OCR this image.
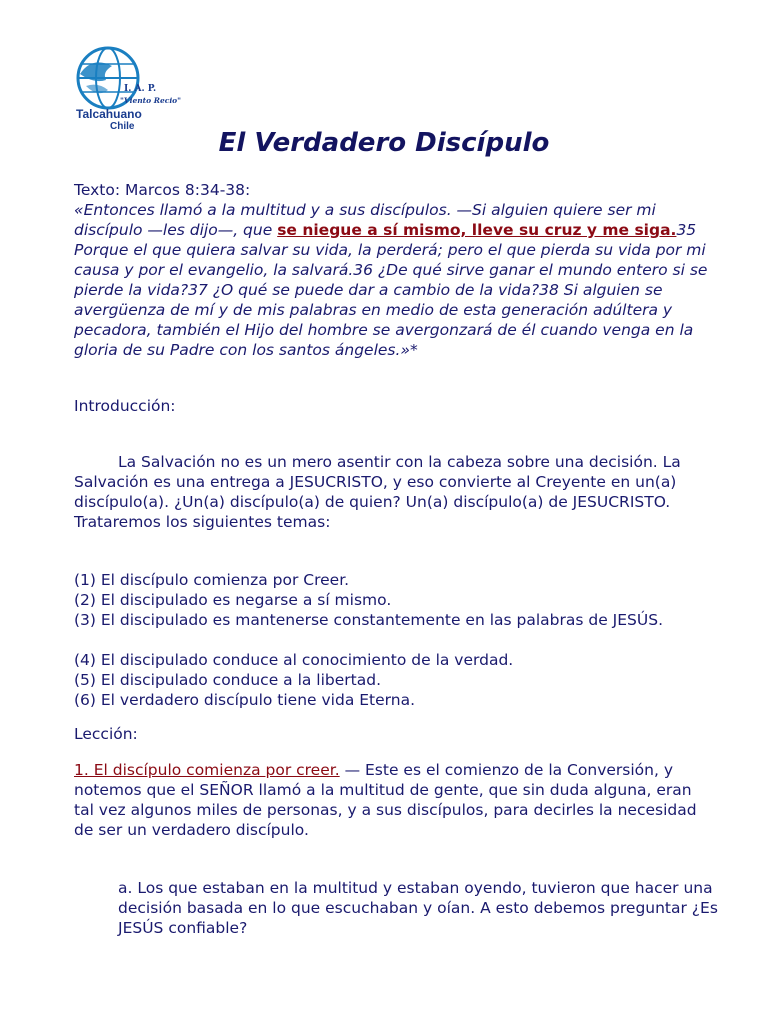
I. A. P.
"Viento Recio"
Talcahuano
Chile
El Verdadero Discípulo
Texto: Marcos 8:34-38:
«Entonces llamó a la multitud y a sus discípulos. —Si alguien quiere ser mi discípulo —les dijo—, que se niegue a sí mismo, lleve su cruz y me siga.35 Porque el que quiera salvar su vida, la perderá; pero el que pierda su vida por mi causa y por el evangelio, la salvará.36 ¿De qué sirve ganar el mundo entero si se pierde la vida?37 ¿O qué se puede dar a cambio de la vida?38 Si alguien se avergüenza de mí y de mis palabras en medio de esta generación adúltera y pecadora, también el Hijo del hombre se avergonzará de él cuando venga en la gloria de su Padre con los santos ángeles.»*
Introducción:
La Salvación no es un mero asentir con la cabeza sobre una decisión. La Salvación es una entrega a JESUCRISTO, y eso convierte al Creyente en un(a) discípulo(a). ¿Un(a) discípulo(a) de quien? Un(a) discípulo(a) de JESUCRISTO. Trataremos los siguientes temas:
(1) El discípulo comienza por Creer.
(2) El discipulado es negarse a sí mismo.
(3) El discipulado es mantenerse constantemente en las palabras de JESÚS.
(4) El discipulado conduce al conocimiento de la verdad.
(5) El discipulado conduce a la libertad.
(6) El verdadero discípulo tiene vida Eterna.
Lección:
1. El discípulo comienza por creer. — Este es el comienzo de la Conversión, y notemos que el SEÑOR llamó a la multitud de gente, que sin duda alguna, eran tal vez algunos miles de personas, y a sus discípulos, para decirles la necesidad de ser un verdadero discípulo.
a. Los que estaban en la multitud y estaban oyendo, tuvieron que hacer una decisión basada en lo que escuchaban y oían. A esto debemos preguntar ¿Es JESÚS confiable?
